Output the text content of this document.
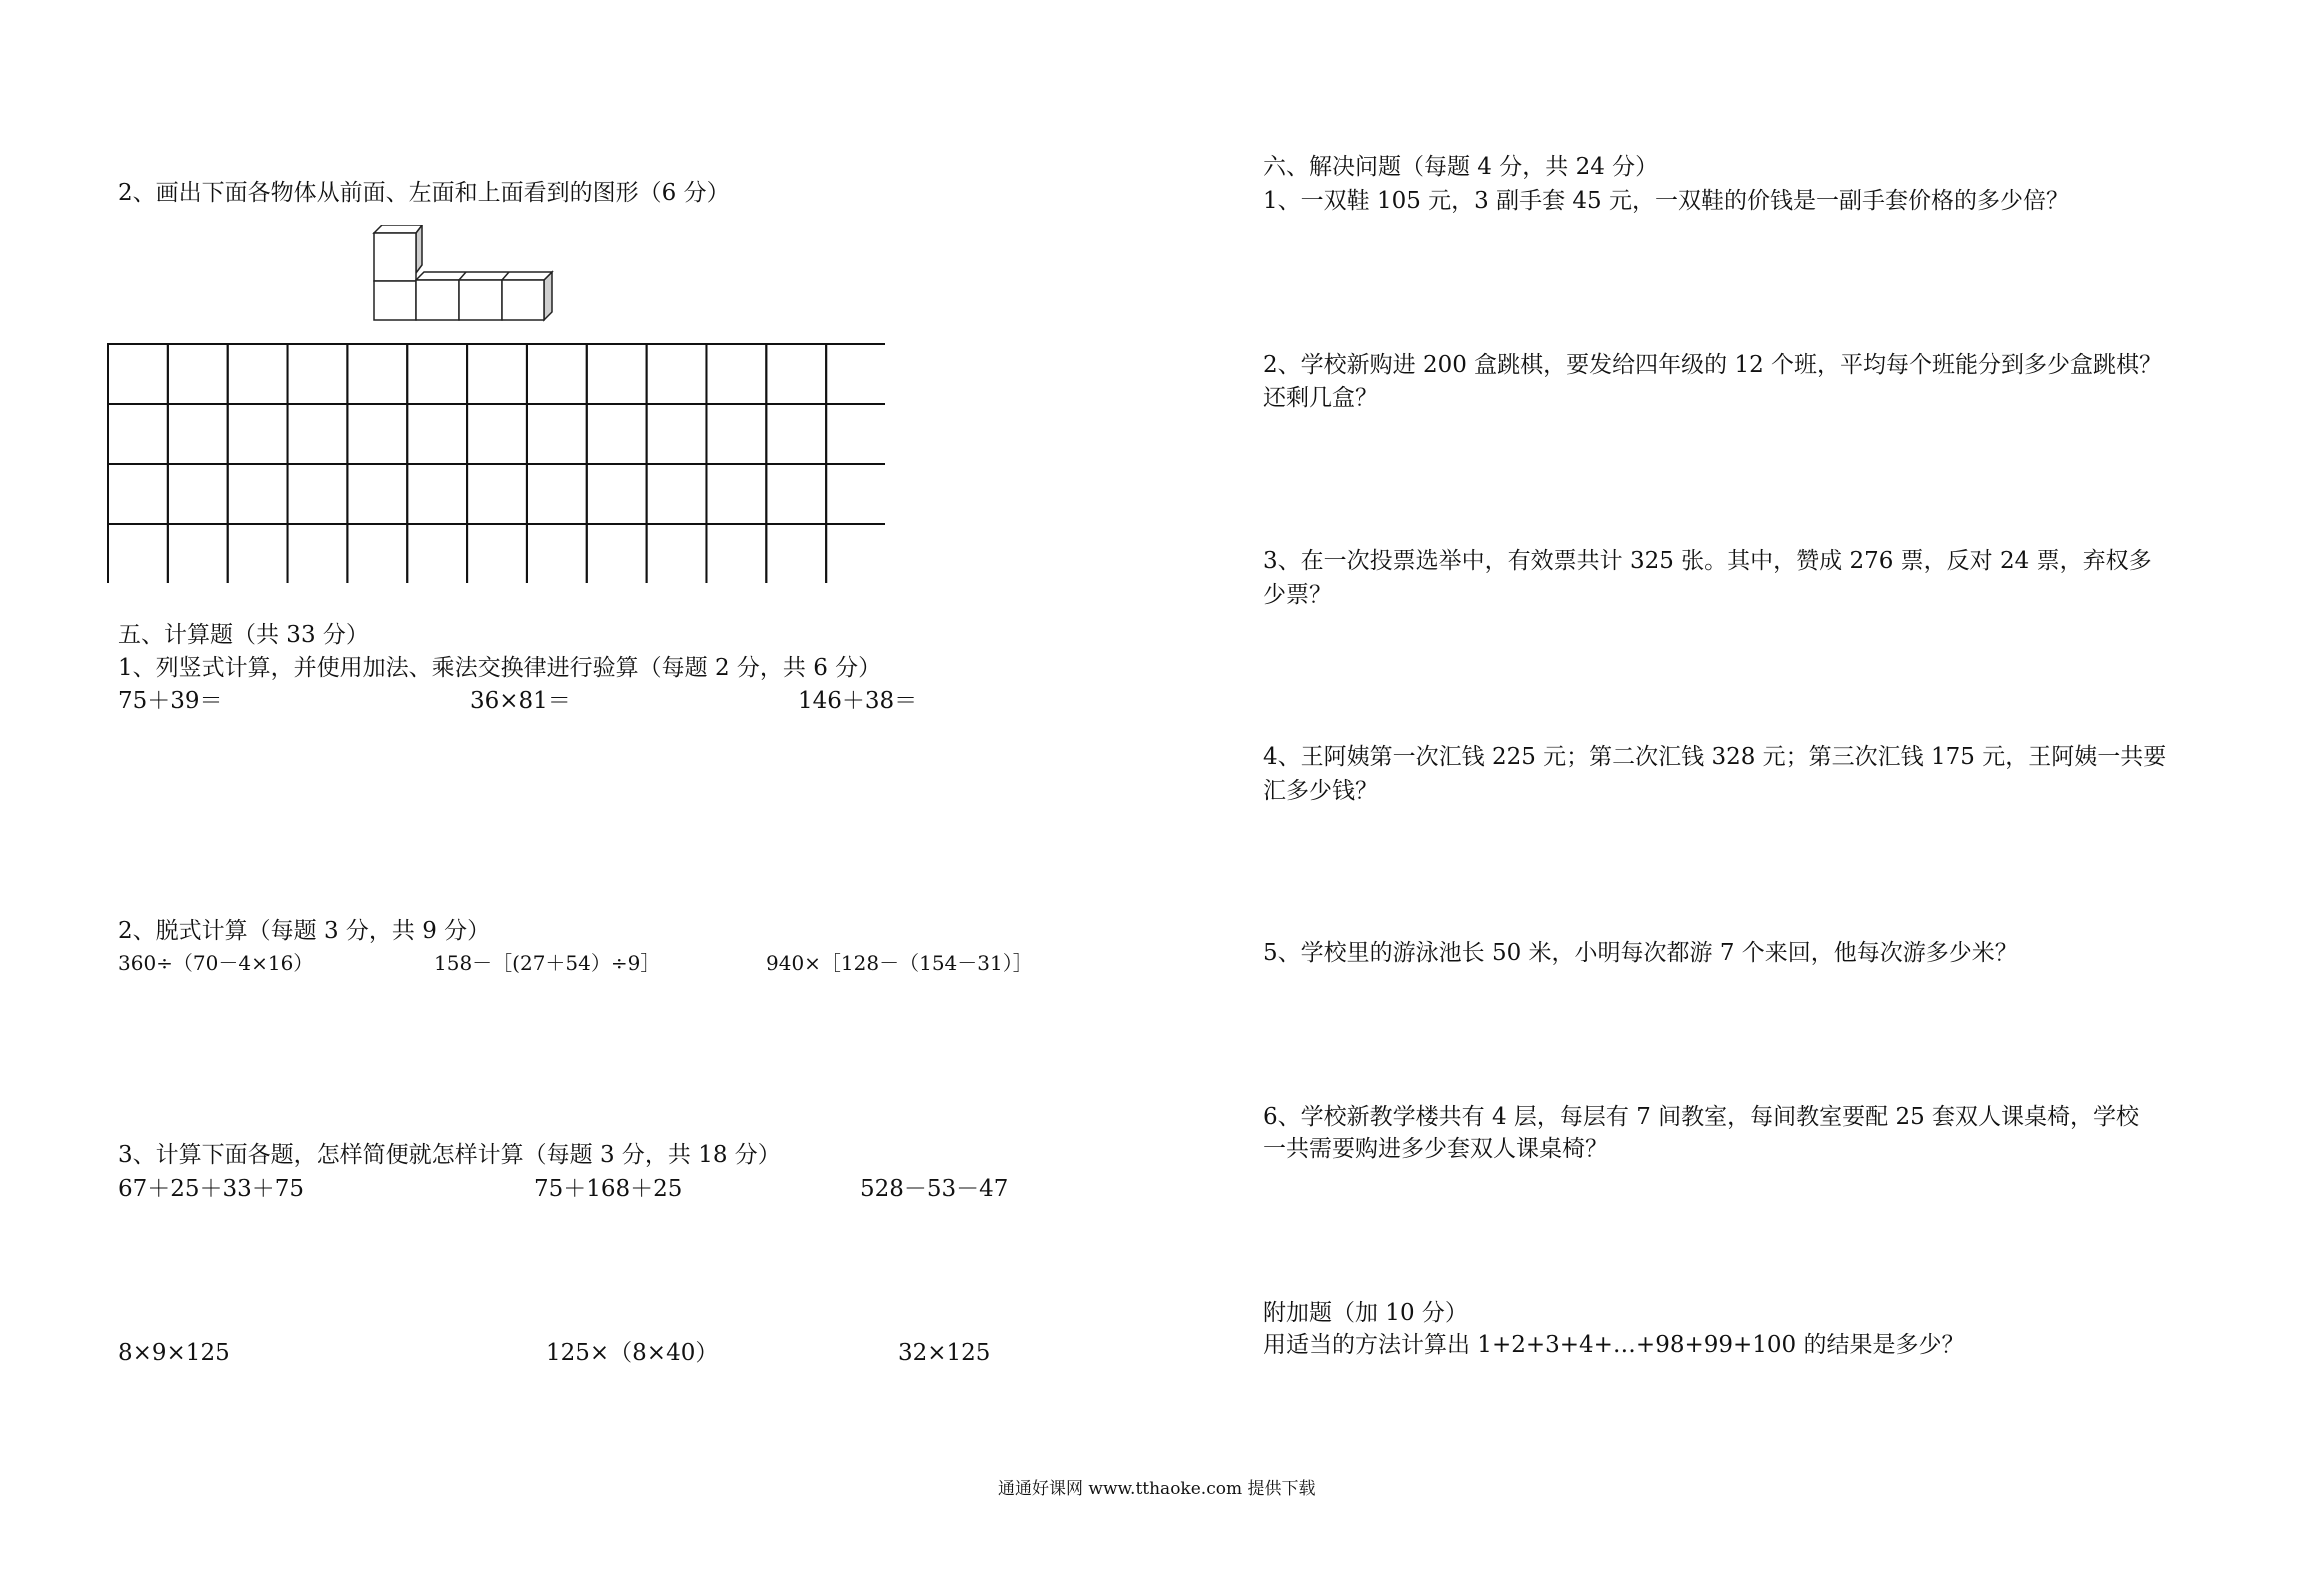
2、画出下面各物体从前面、左面和上面看到的图形（6 分）
五、计算题（共 33 分）
1、列竖式计算，并使用加法、乘法交换律进行验算（每题 2 分，共 6 分）
75＋39＝	36×81＝	146＋38＝
2、脱式计算（每题 3 分，共 9 分）
360÷（70－4×16）	158－［(27＋54）÷9］	940×［128－（154－31）］
3、计算下面各题，怎样简便就怎样计算（每题 3 分，共 18 分）
67＋25＋33＋75	75＋168＋25	528－53－47
8×9×125	125×（8×40）	32×125
六、解决问题（每题 4 分，共 24 分）
1、一双鞋 105 元，3 副手套 45 元，一双鞋的价钱是一副手套价格的多少倍？
2、学校新购进 200 盒跳棋，要发给四年级的 12 个班，平均每个班能分到多少盒跳棋？
还剩几盒？
3、在一次投票选举中，有效票共计 325 张。其中，赞成 276 票，反对 24 票，弃权多
少票？
4、王阿姨第一次汇钱 225 元；第二次汇钱 328 元；第三次汇钱 175 元，王阿姨一共要
汇多少钱？
5、学校里的游泳池长 50 米，小明每次都游 7 个来回，他每次游多少米？
6、学校新教学楼共有 4 层，每层有 7 间教室，每间教室要配 25 套双人课桌椅，学校
一共需要购进多少套双人课桌椅？
附加题（加 10 分）
用适当的方法计算出 1+2+3+4+…+98+99+100 的结果是多少？
通通好课网 www.tthaoke.com 提供下载
